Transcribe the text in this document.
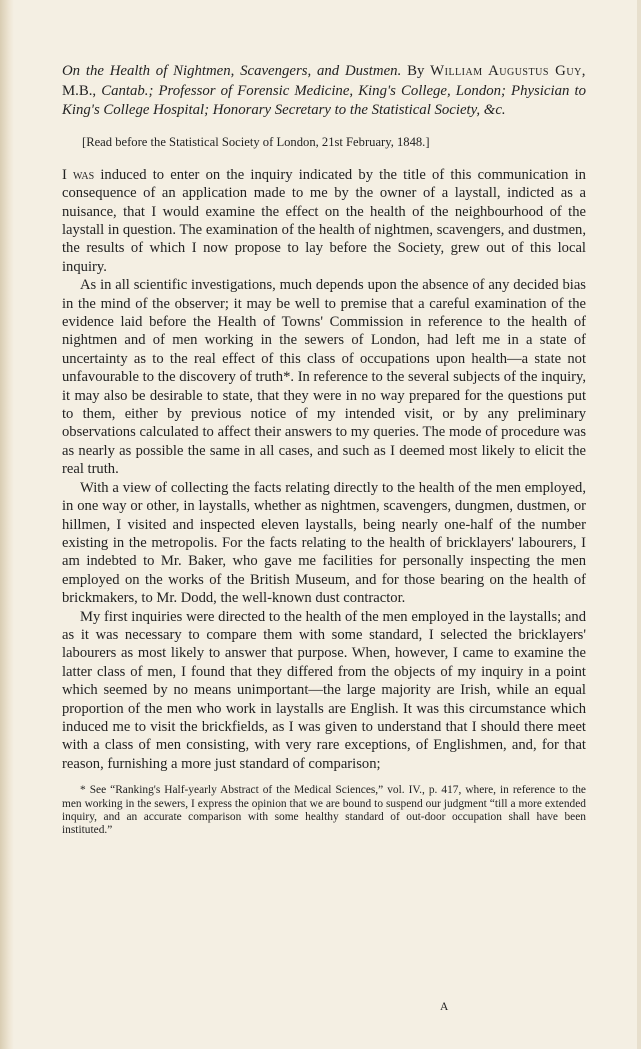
On the Health of Nightmen, Scavengers, and Dustmen. By William Augustus Guy, M.B., Cantab.; Professor of Forensic Medicine, King's College, London; Physician to King's College Hospital; Honorary Secretary to the Statistical Society, &c.

[Read before the Statistical Society of London, 21st February, 1848.]

I was induced to enter on the inquiry indicated by the title of this communication in consequence of an application made to me by the owner of a laystall, indicted as a nuisance, that I would examine the effect on the health of the neighbourhood of the laystall in question. The examination of the health of nightmen, scavengers, and dustmen, the results of which I now propose to lay before the Society, grew out of this local inquiry.

As in all scientific investigations, much depends upon the absence of any decided bias in the mind of the observer; it may be well to premise that a careful examination of the evidence laid before the Health of Towns' Commission in reference to the health of nightmen and of men working in the sewers of London, had left me in a state of uncertainty as to the real effect of this class of occupations upon health—a state not unfavourable to the discovery of truth*. In reference to the several subjects of the inquiry, it may also be desirable to state, that they were in no way prepared for the questions put to them, either by previous notice of my intended visit, or by any preliminary observations calculated to affect their answers to my queries. The mode of procedure was as nearly as possible the same in all cases, and such as I deemed most likely to elicit the real truth.

With a view of collecting the facts relating directly to the health of the men employed, in one way or other, in laystalls, whether as nightmen, scavengers, dungmen, dustmen, or hillmen, I visited and inspected eleven laystalls, being nearly one-half of the number existing in the metropolis. For the facts relating to the health of bricklayers' labourers, I am indebted to Mr. Baker, who gave me facilities for personally inspecting the men employed on the works of the British Museum, and for those bearing on the health of brickmakers, to Mr. Dodd, the well-known dust contractor.

My first inquiries were directed to the health of the men employed in the laystalls; and as it was necessary to compare them with some standard, I selected the bricklayers' labourers as most likely to answer that purpose. When, however, I came to examine the latter class of men, I found that they differed from the objects of my inquiry in a point which seemed by no means unimportant—the large majority are Irish, while an equal proportion of the men who work in laystalls are English. It was this circumstance which induced me to visit the brickfields, as I was given to understand that I should there meet with a class of men consisting, with very rare exceptions, of Englishmen, and, for that reason, furnishing a more just standard of comparison;

* See “Ranking's Half-yearly Abstract of the Medical Sciences,” vol. IV., p. 417, where, in reference to the men working in the sewers, I express the opinion that we are bound to suspend our judgment “till a more extended inquiry, and an accurate comparison with some healthy standard of out-door occupation shall have been instituted.”
A
